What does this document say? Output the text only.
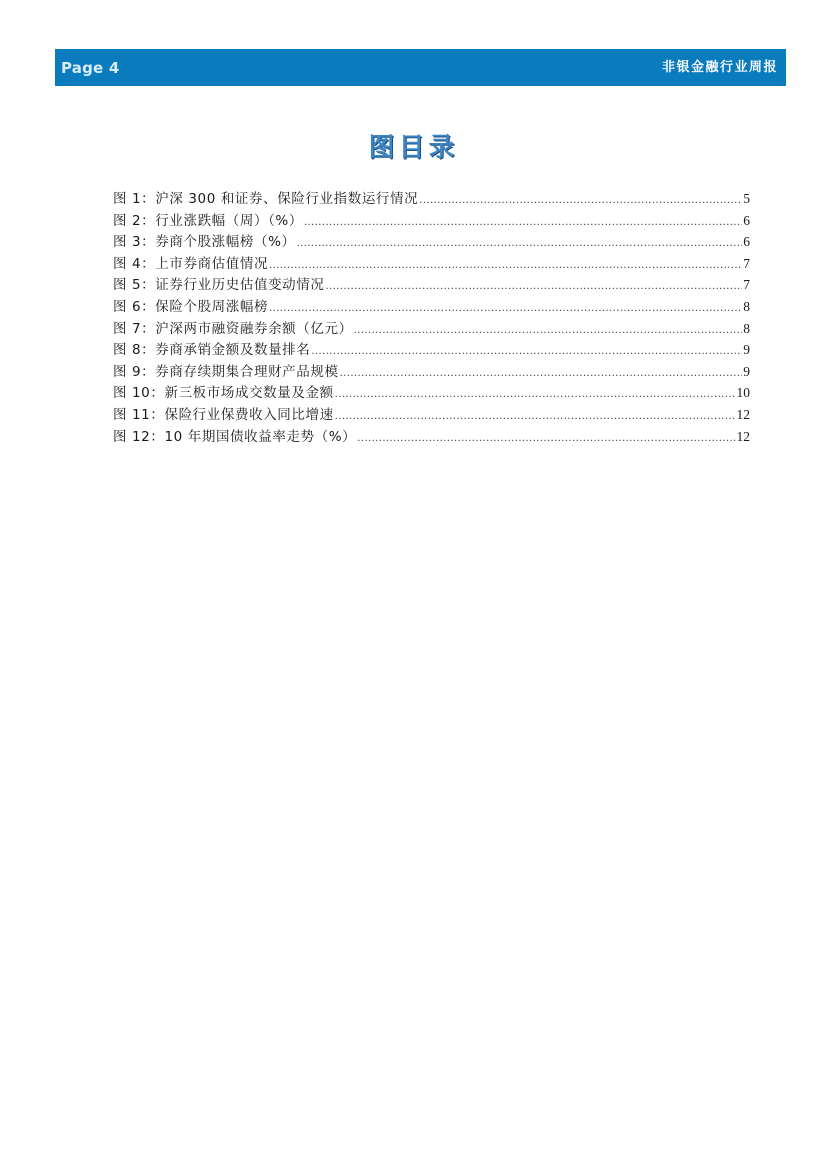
Page 4	非银金融行业周报
图目录
图 1：沪深 300 和证券、保险行业指数运行情况 .....	5
图 2：行业涨跌幅（周）（%） .....	6
图 3：券商个股涨幅榜（%） .....	6
图 4：上市券商估值情况 .....	7
图 5：证券行业历史估值变动情况 .....	7
图 6：保险个股周涨幅榜 .....	8
图 7：沪深两市融资融券余额（亿元） .....	8
图 8：券商承销金额及数量排名 .....	9
图 9：券商存续期集合理财产品规模 .....	9
图 10：新三板市场成交数量及金额 .....	10
图 11：保险行业保费收入同比增速 .....	12
图 12：10 年期国债收益率走势（%） .....	12
